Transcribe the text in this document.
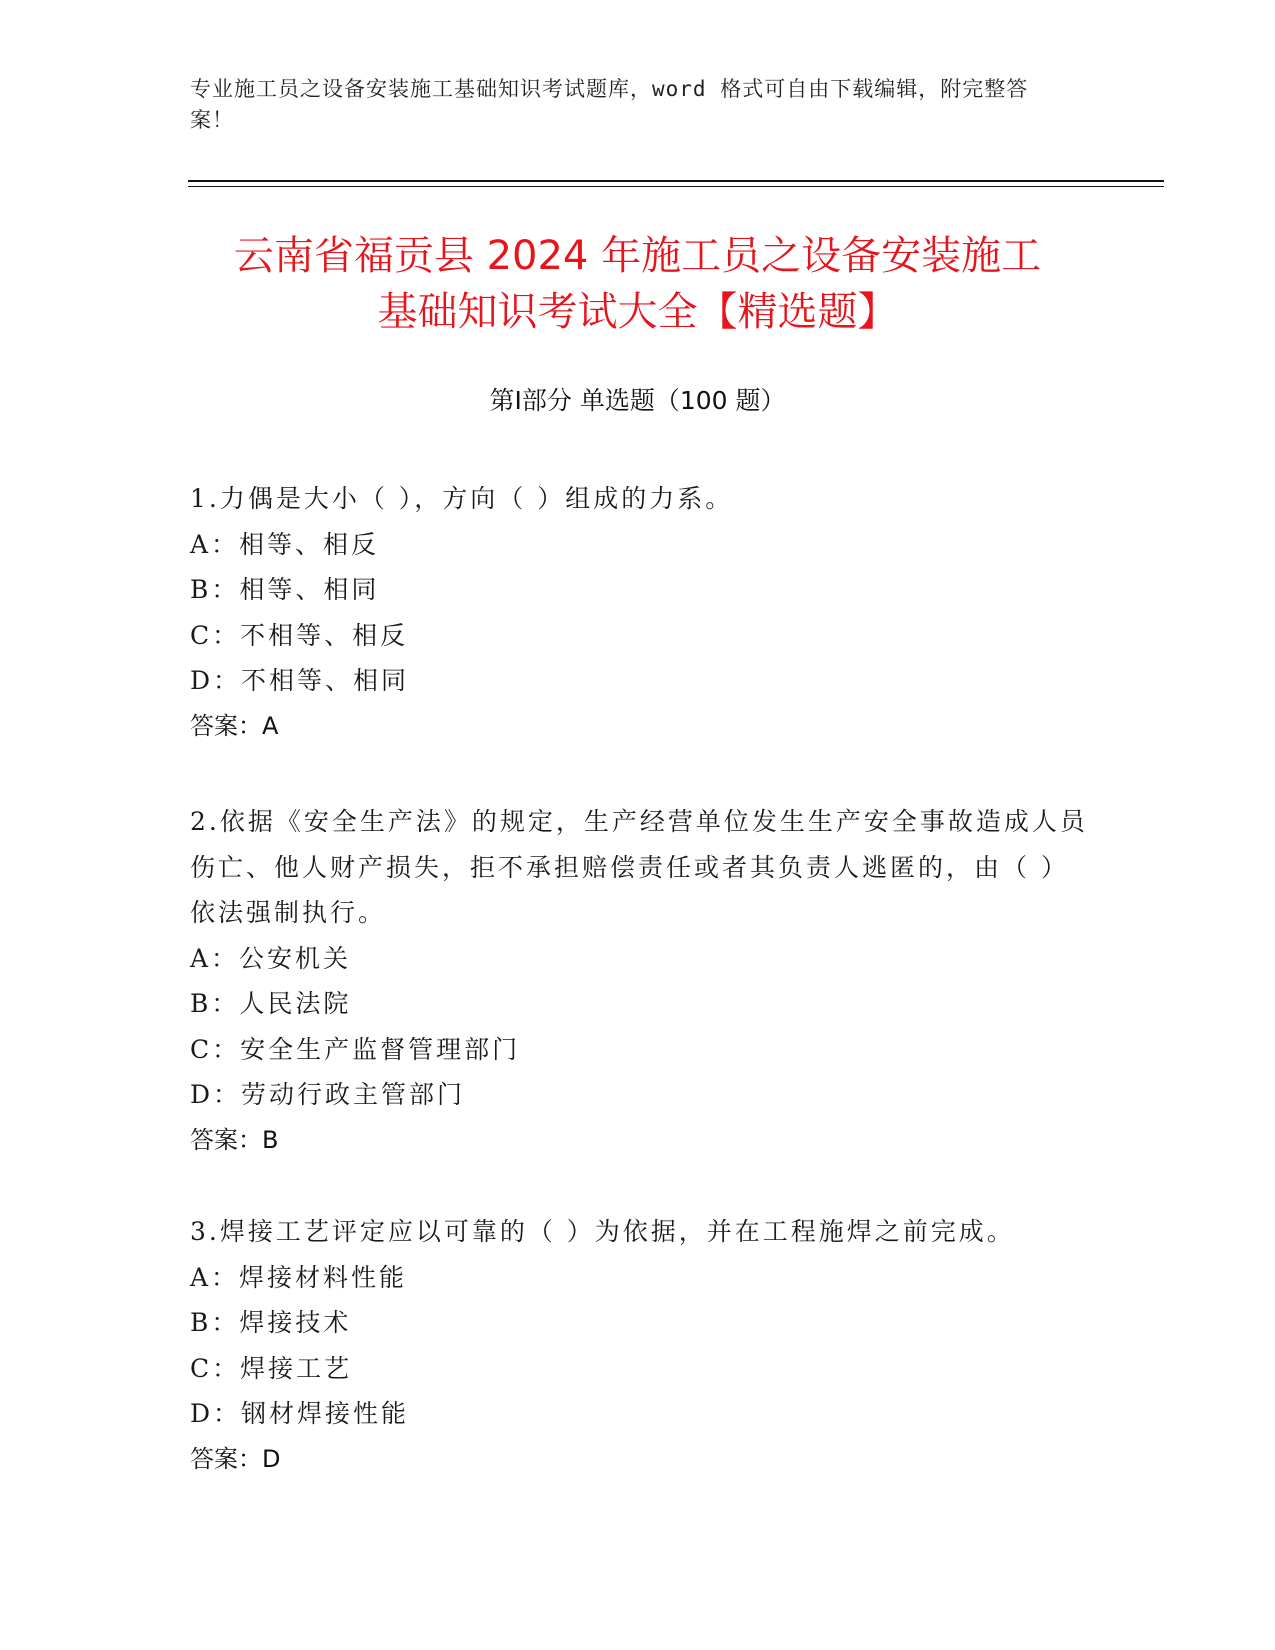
专业施工员之设备安装施工基础知识考试题库，word 格式可自由下载编辑，附完整答案！
云南省福贡县 2024 年施工员之设备安装施工
基础知识考试大全【精选题】
第Ⅰ部分 单选题（100 题）
1.力偶是大小（ ），方向（ ）组成的力系。
A：相等、相反
B：相等、相同
C：不相等、相反
D：不相等、相同
答案：A
2.依据《安全生产法》的规定，生产经营单位发生生产安全事故造成人员伤亡、他人财产损失，拒不承担赔偿责任或者其负责人逃匿的，由（ ）依法强制执行。
A：公安机关
B：人民法院
C：安全生产监督管理部门
D：劳动行政主管部门
答案：B
3.焊接工艺评定应以可靠的（ ）为依据，并在工程施焊之前完成。
A：焊接材料性能
B：焊接技术
C：焊接工艺
D：钢材焊接性能
答案：D
